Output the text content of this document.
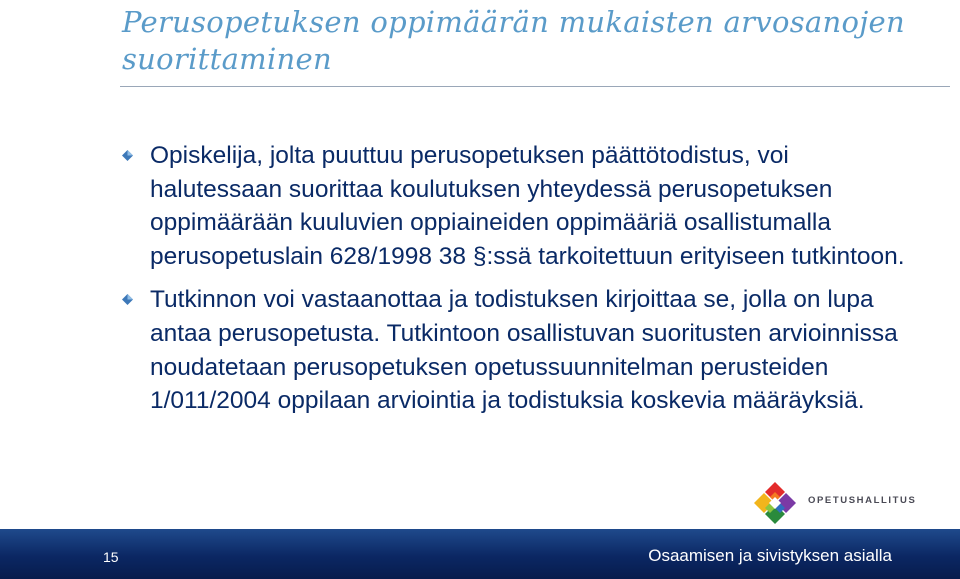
Perusopetuksen oppimäärän mukaisten arvosanojen suorittaminen
Opiskelija, jolta puuttuu perusopetuksen päättötodistus, voi halutessaan suorittaa koulutuksen yhteydessä perusopetuksen oppimäärään kuuluvien oppiaineiden oppimääriä osallistumalla perusopetuslain 628/1998 38 §:ssä tarkoitettuun erityiseen tutkintoon.
Tutkinnon voi vastaanottaa ja todistuksen kirjoittaa se, jolla on lupa antaa perusopetusta. Tutkintoon osallistuvan suoritusten arvioinnissa noudatetaan perusopetuksen opetussuunnitelman perusteiden 1/011/2004 oppilaan arviointia ja todistuksia koskevia määräyksiä.
OPETUSHALLITUS
15	Osaamisen ja sivistyksen asialla
